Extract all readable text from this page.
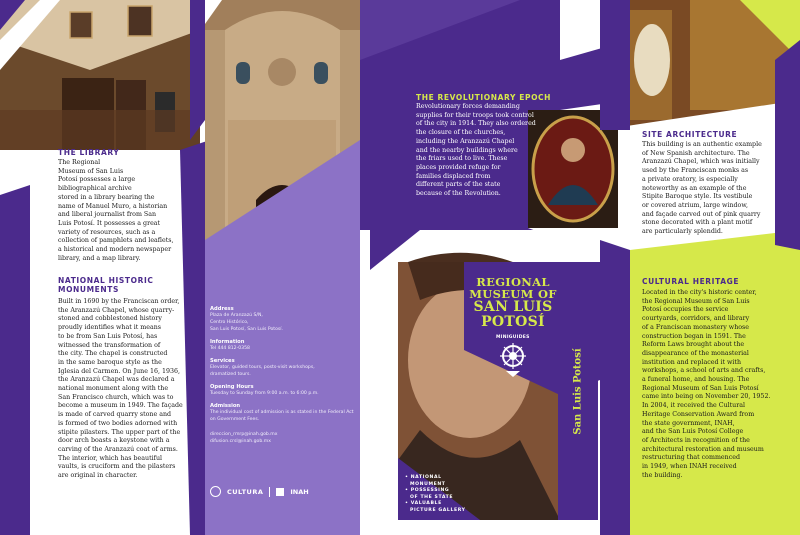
THE LIBRARY
The Regional
Museum of San Luis
Potosí possesses a large
bibliographical archive
stored in a library bearing the
name of Manuel Muro, a historian
and liberal journalist from San
Luis Potosí. It possesses a great
variety of resources, such as a
collection of pamphlets and leaflets,
a historical and modern newspaper
library, and a map library.
NATIONAL HISTORIC
MONUMENTS
Built in 1690 by the Franciscan order,
the Aranzazú Chapel, whose quarry-
stoned and cobblestoned history
proudly identifies what it means
to be from San Luis Potosí, has
witnessed the transformation of
the city. The chapel is constructed
in the same baroque style as the
Iglesia del Carmen. On June 16, 1936,
the Aranzazú Chapel was declared a
national monument along with the
San Francisco church, which was to
become a museum in 1949. The façade
is made of carved quarry stone and
is formed of two bodies adorned with
stipite pilasters. The upper part of the
door arch boasts a keystone with a
carving of the Aranzazú coat of arms.
The interior, which has beautiful
vaults, is cruciform and the pilasters
are original in character.
Address
Plaza de Aranzazú S/N,
Centro Histórico,
San Luis Potosí, San Luis Potosí.
Information
Tel 444 812-0358
Services
Elevator, guided tours, posts-visit workshops,
dramatized tours.
Opening Hours
Tuesday to Sunday from 9:00 a.m. to 6:00 p.m.
Admission
The individual cost of admission is as stated in the Federal Act
on Government Fees.
direccion_rmrp@inah.gob.mx
difusion.crsl@inah.gob.mx
CULTURA	INAH
THE REVOLUTIONARY EPOCH
Revolutionary forces demanding
supplies for their troops took control
of the city in 1914. They also ordered
the closure of the churches,
including the Aranzazú Chapel
and the nearby buildings where
the friars used to live. These
places provided refuge for
families displaced from
different parts of the state
because of the Revolution.
REGIONAL
MUSEUM OF
SAN LUIS
POTOSÍ
MINIGUIDES
San Luis Potosí
• NATIONAL
MONUMENT
• POSSESSING
OF THE STATE
• VALUABLE
PICTURE GALLERY
SITE ARCHITECTURE
This building is an authentic example
of New Spanish architecture. The
Aranzazú Chapel, which was initially
used by the Franciscan monks as
a private oratory, is especially
noteworthy as an example of the
Stipite Baroque style. Its vestibule
or covered atrium, large window,
and façade carved out of pink quarry
stone decorated with a plant motif
are particularly splendid.
CULTURAL HERITAGE
Located in the city's historic center,
the Regional Museum of San Luis
Potosí occupies the service
courtyards, corridors, and library
of a Franciscan monastery whose
construction began in 1591. The
Reform Laws brought about the
disappearance of the monasterial
institution and replaced it with
workshops, a school of arts and crafts,
a funeral home, and housing. The
Regional Museum of San Luis Potosí
came into being on November 20, 1952.
In 2004, it received the Cultural
Heritage Conservation Award from
the state government, INAH,
and the San Luis Potosí College
of Architects in recognition of the
architectural restoration and museum
restructuring that commenced
in 1949, when INAH received
the building.
